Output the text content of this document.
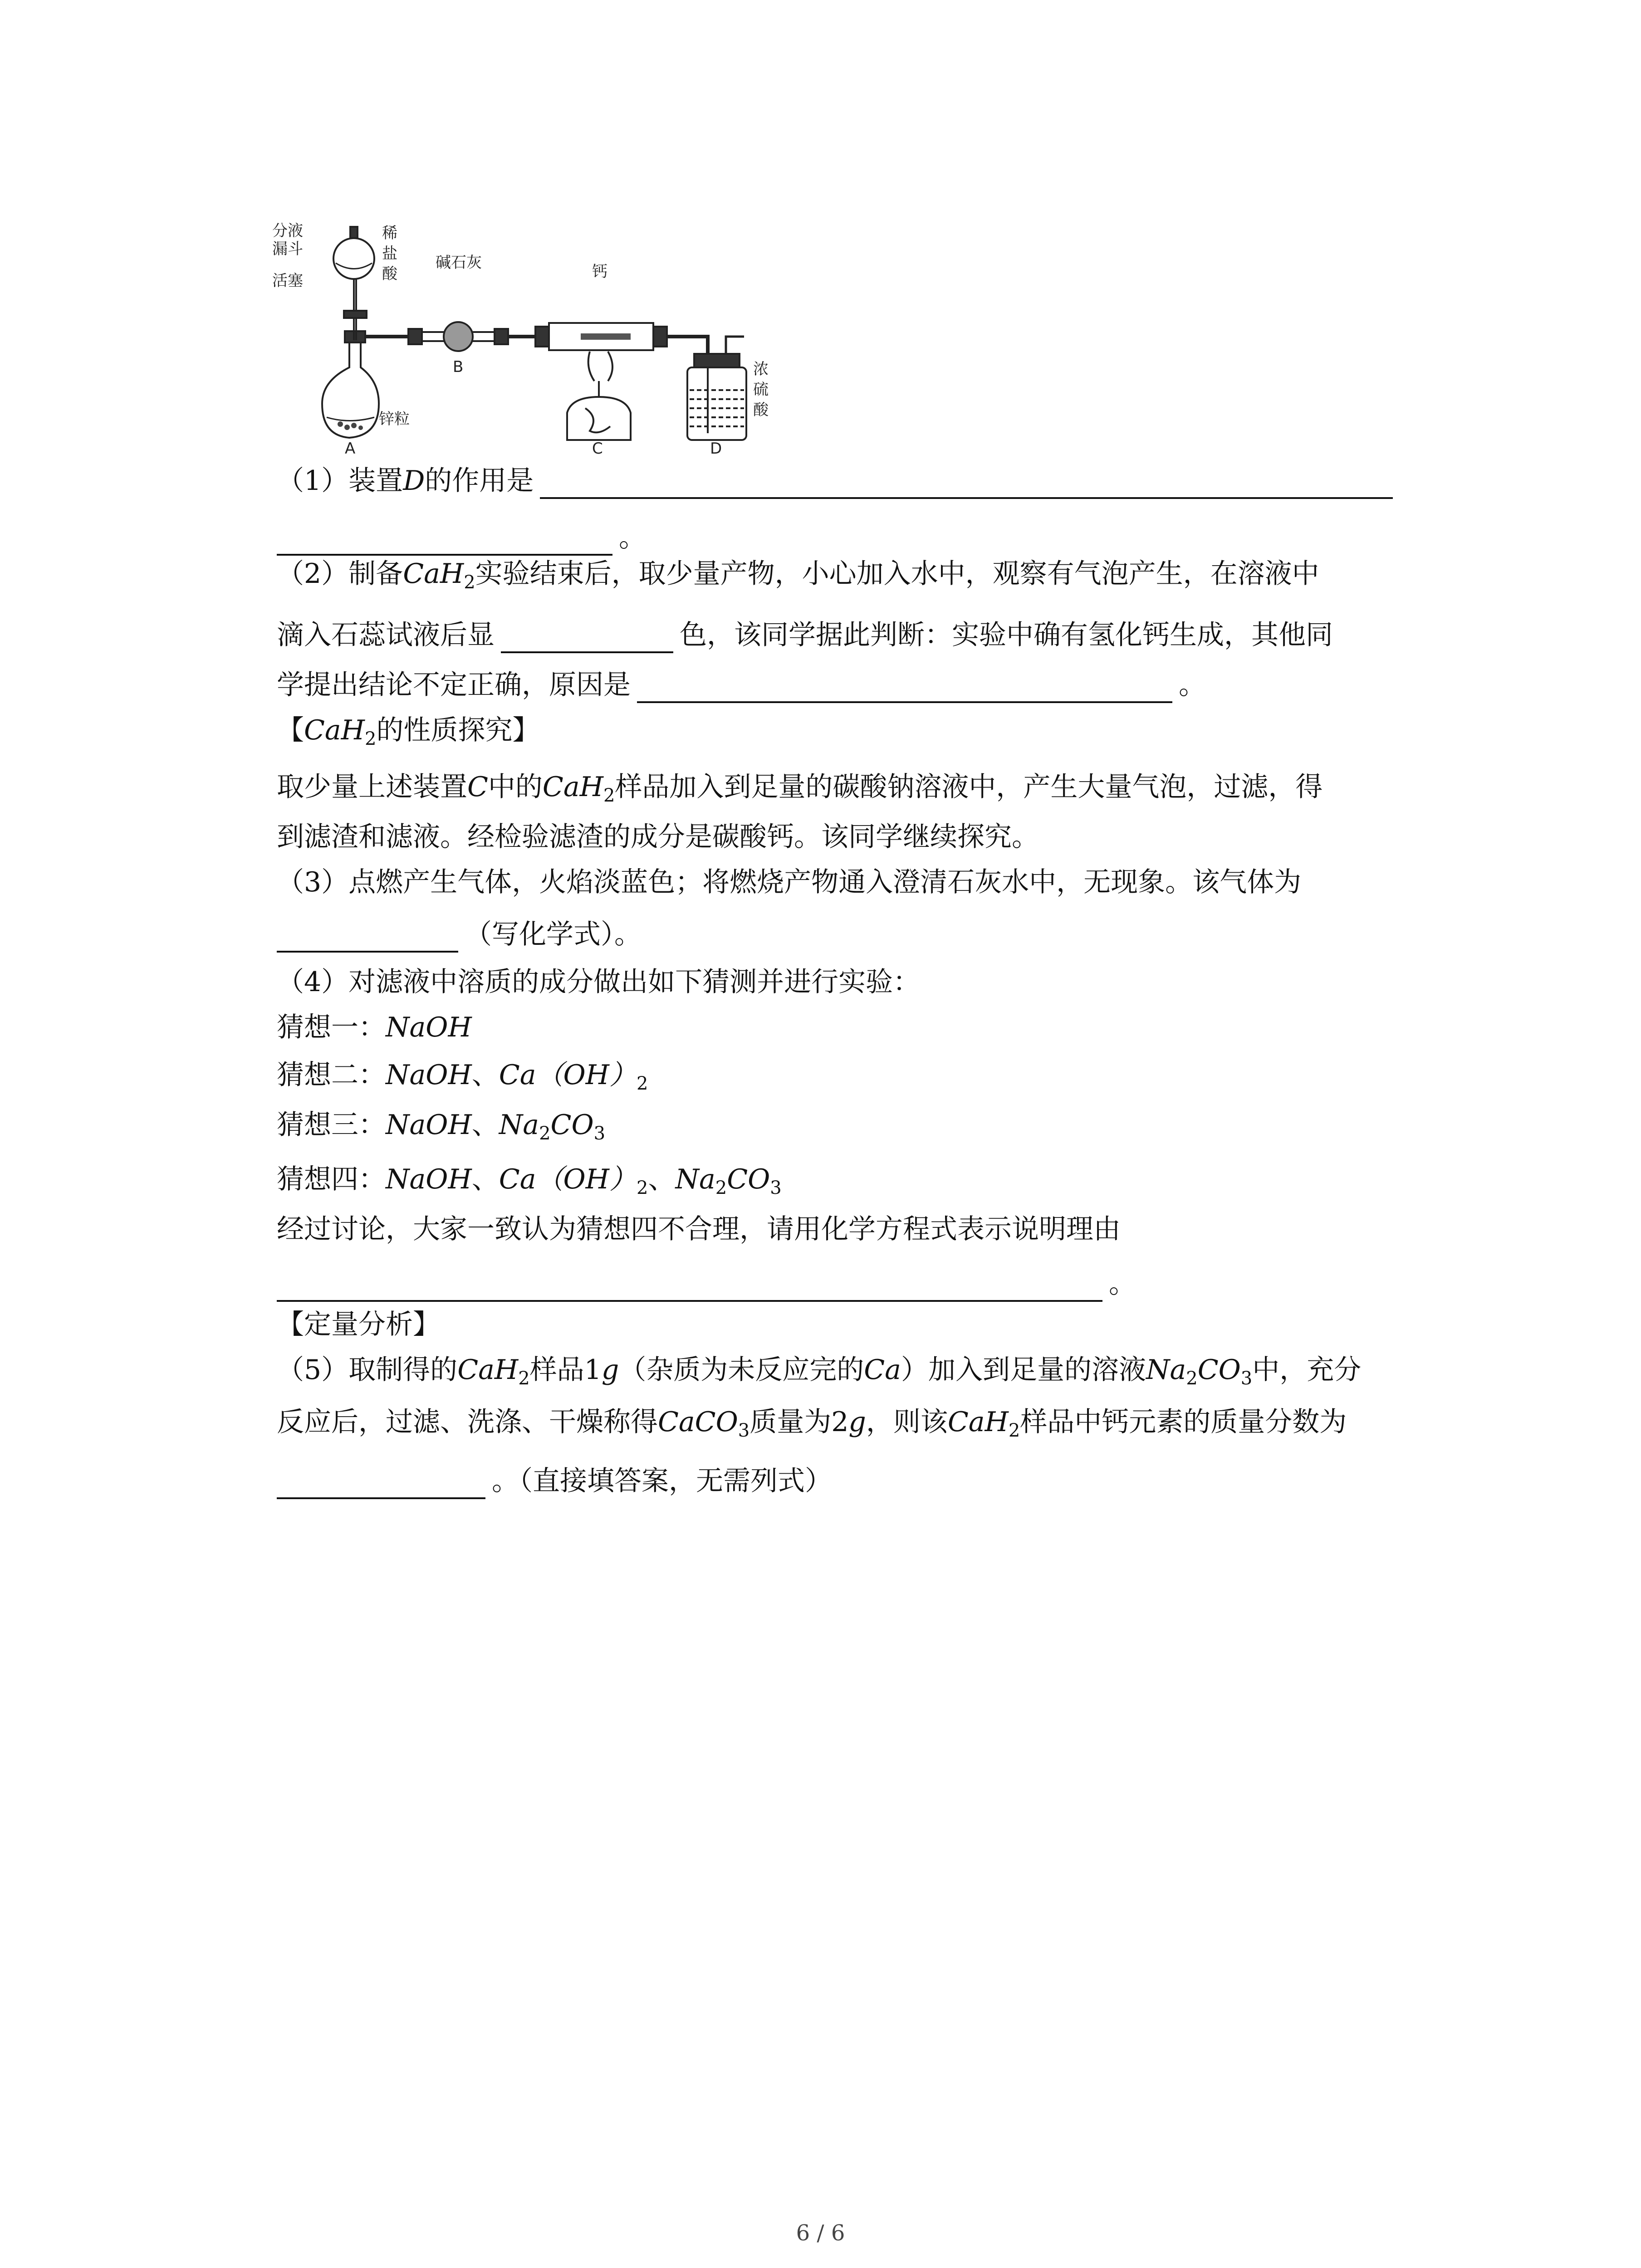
分液
漏斗
活塞
稀
盐
酸
碱石灰	钙
锌粒
浓
硫
酸
A
B
C	D
（1）装置D的作用是
。
（2）制备CaH$_2$实验结束后，取少量产物，小心加入水中，观察有气泡产生，在溶液中
滴入石蕊试液后显	色，该同学据此判断：实验中确有氢化钙生成，其他同
学提出结论不定正确，原因是	。
【CaH$_2$的性质探究】
取少量上述装置C中的CaH$_2$样品加入到足量的碳酸钠溶液中，产生大量气泡，过滤，得
到滤渣和滤液。经检验滤渣的成分是碳酸钙。该同学继续探究。
（3）点燃产生气体，火焰淡蓝色；将燃烧产物通入澄清石灰水中，无现象。该气体为
（写化学式）。
（4）对滤液中溶质的成分做出如下猜测并进行实验：
猜想一：NaOH
猜想二：NaOH、$Ca(OH)_2$
猜想三：NaOH、$Na_2CO_3$
猜想四：NaOH、$Ca(OH)_2$、$Na_2CO_3$
经过讨论，大家一致认为猜想四不合理，请用化学方程式表示说明理由
。
【定量分析】
（5）取制得的CaH$_2$样品1g（杂质为未反应完的Ca）加入到足量的溶液$Na_2CO_3$中，充分
反应后，过滤、洗涤、干燥称得CaCO$_3$质量为2g，则该CaH$_2$样品中钙元素的质量分数为
。（直接填答案，无需列式）
6 / 6
